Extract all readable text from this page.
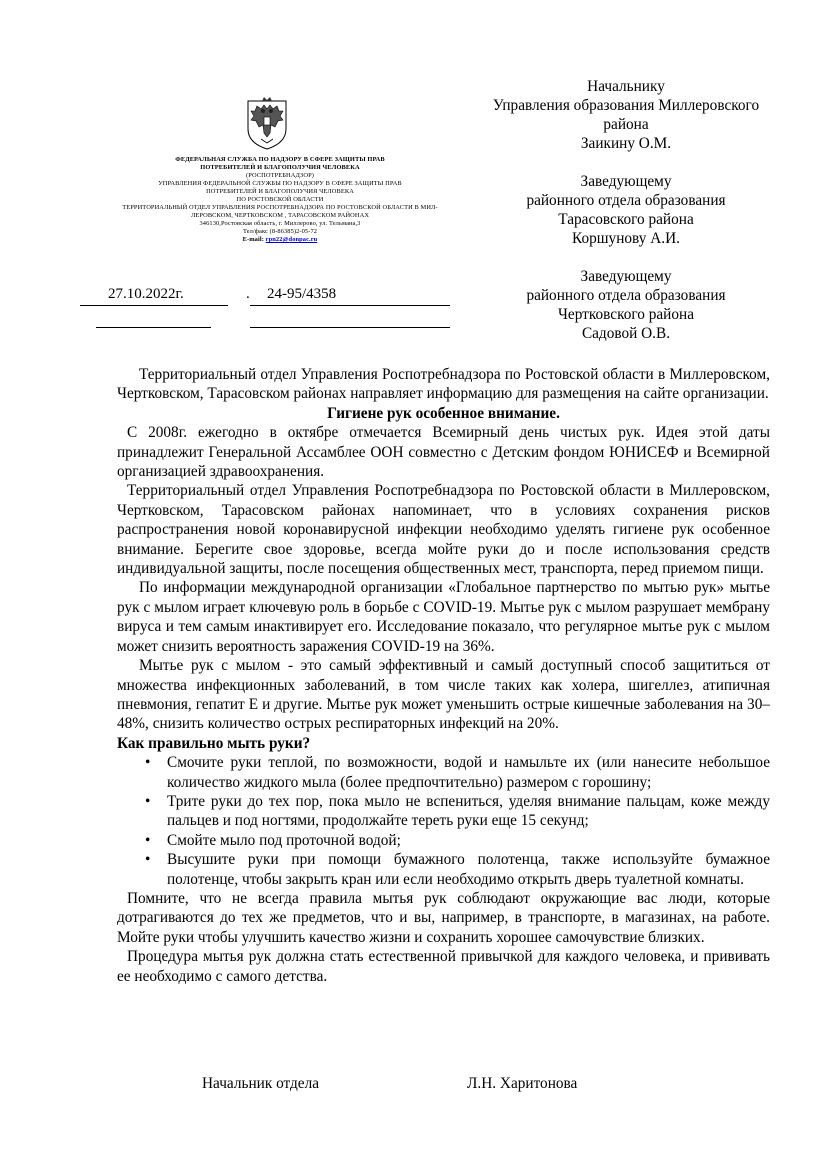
ФЕДЕРАЛЬНАЯ СЛУЖБА ПО НАДЗОРУ В СФЕРЕ ЗАЩИТЫ ПРАВ
ПОТРЕБИТЕЛЕЙ И БЛАГОПОЛУЧИЯ ЧЕЛОВЕКА
(РОСПОТРЕБНАДЗОР)
УПРАВЛЕНИЯ ФЕДЕРАЛЬНОЙ СЛУЖБЫ ПО НАДЗОРУ В СФЕРЕ ЗАЩИТЫ ПРАВ
ПОТРЕБИТЕЛЕЙ И БЛАГОПОЛУЧИЯ ЧЕЛОВЕКА
ПО РОСТОВСКОЙ ОБЛАСТИ
ТЕРРИТОРИАЛЬНЫЙ ОТДЕЛ УПРАВЛЕНИЯ РОСПОТРЕБНАДЗОРА ПО РОСТОВСКОЙ ОБЛАСТИ В МИЛ-
ЛЕРОВСКОМ, ЧЕРТКОВСКОМ , ТАРАСОВСКОМ РАЙОНАХ
346130,Ростовская область, г. Миллерово, ул. Тельмана,3
Тел/факс (8-86385)2-05-72
E-mail: rpn22@donpac.ru
27.10.2022г.	. 24-95/4358
Начальнику
Управления образования Миллеровского
района
Заикину О.М.
Заведующему
районного отдела образования
Тарасовского района
Коршунову А.И.
Заведующему
районного отдела образования
Чертковского района
Садовой О.В.

Территориальный отдел Управления Роспотребнадзора по Ростовской области в Миллеровском, Чертковском, Тарасовском районах направляет информацию для размещения на сайте организации.

Гигиене рук особенное внимание.

С 2008г. ежегодно в октябре отмечается Всемирный день чистых рук. Идея этой даты принадлежит Генеральной Ассамблее ООН совместно с Детским фондом ЮНИСЕФ и Всемирной организацией здравоохранения.

Территориальный отдел Управления Роспотребнадзора по Ростовской области в Миллеровском, Чертковском, Тарасовском районах напоминает, что в условиях сохранения рисков распространения новой коронавирусной инфекции необходимо уделять гигиене рук особенное внимание. Берегите свое здоровье, всегда мойте руки до и после использования средств индивидуальной защиты, после посещения общественных мест, транспорта, перед приемом пищи.

По информации международной организации «Глобальное партнерство по мытью рук» мытье рук с мылом играет ключевую роль в борьбе с COVID-19. Мытье рук с мылом разрушает мембрану вируса и тем самым инактивирует его. Исследование показало, что регулярное мытье рук с мылом может снизить вероятность заражения COVID-19 на 36%.

Мытье рук с мылом - это самый эффективный и самый доступный способ защититься от множества инфекционных заболеваний, в том числе таких как холера, шигеллез, атипичная пневмония, гепатит Е и другие. Мытье рук может уменьшить острые кишечные заболевания на 30–48%, снизить количество острых респираторных инфекций на 20%.

Как правильно мыть руки?

• Смочите руки теплой, по возможности, водой и намыльте их (или нанесите небольшое количество жидкого мыла (более предпочтительно) размером с горошину;
• Трите руки до тех пор, пока мыло не вспениться, уделяя внимание пальцам, коже между пальцев и под ногтями, продолжайте тереть руки еще 15 секунд;
• Смойте мыло под проточной водой;
• Высушите руки при помощи бумажного полотенца, также используйте бумажное полотенце, чтобы закрыть кран или если необходимо открыть дверь туалетной комнаты.

Помните, что не всегда правила мытья рук соблюдают окружающие вас люди, которые дотрагиваются до тех же предметов, что и вы, например, в транспорте, в магазинах, на работе. Мойте руки чтобы улучшить качество жизни и сохранить хорошее самочувствие близких.

Процедура мытья рук должна стать естественной привычкой для каждого человека, и прививать ее необходимо с самого детства.

Начальник отдела	Л.Н. Харитонова
